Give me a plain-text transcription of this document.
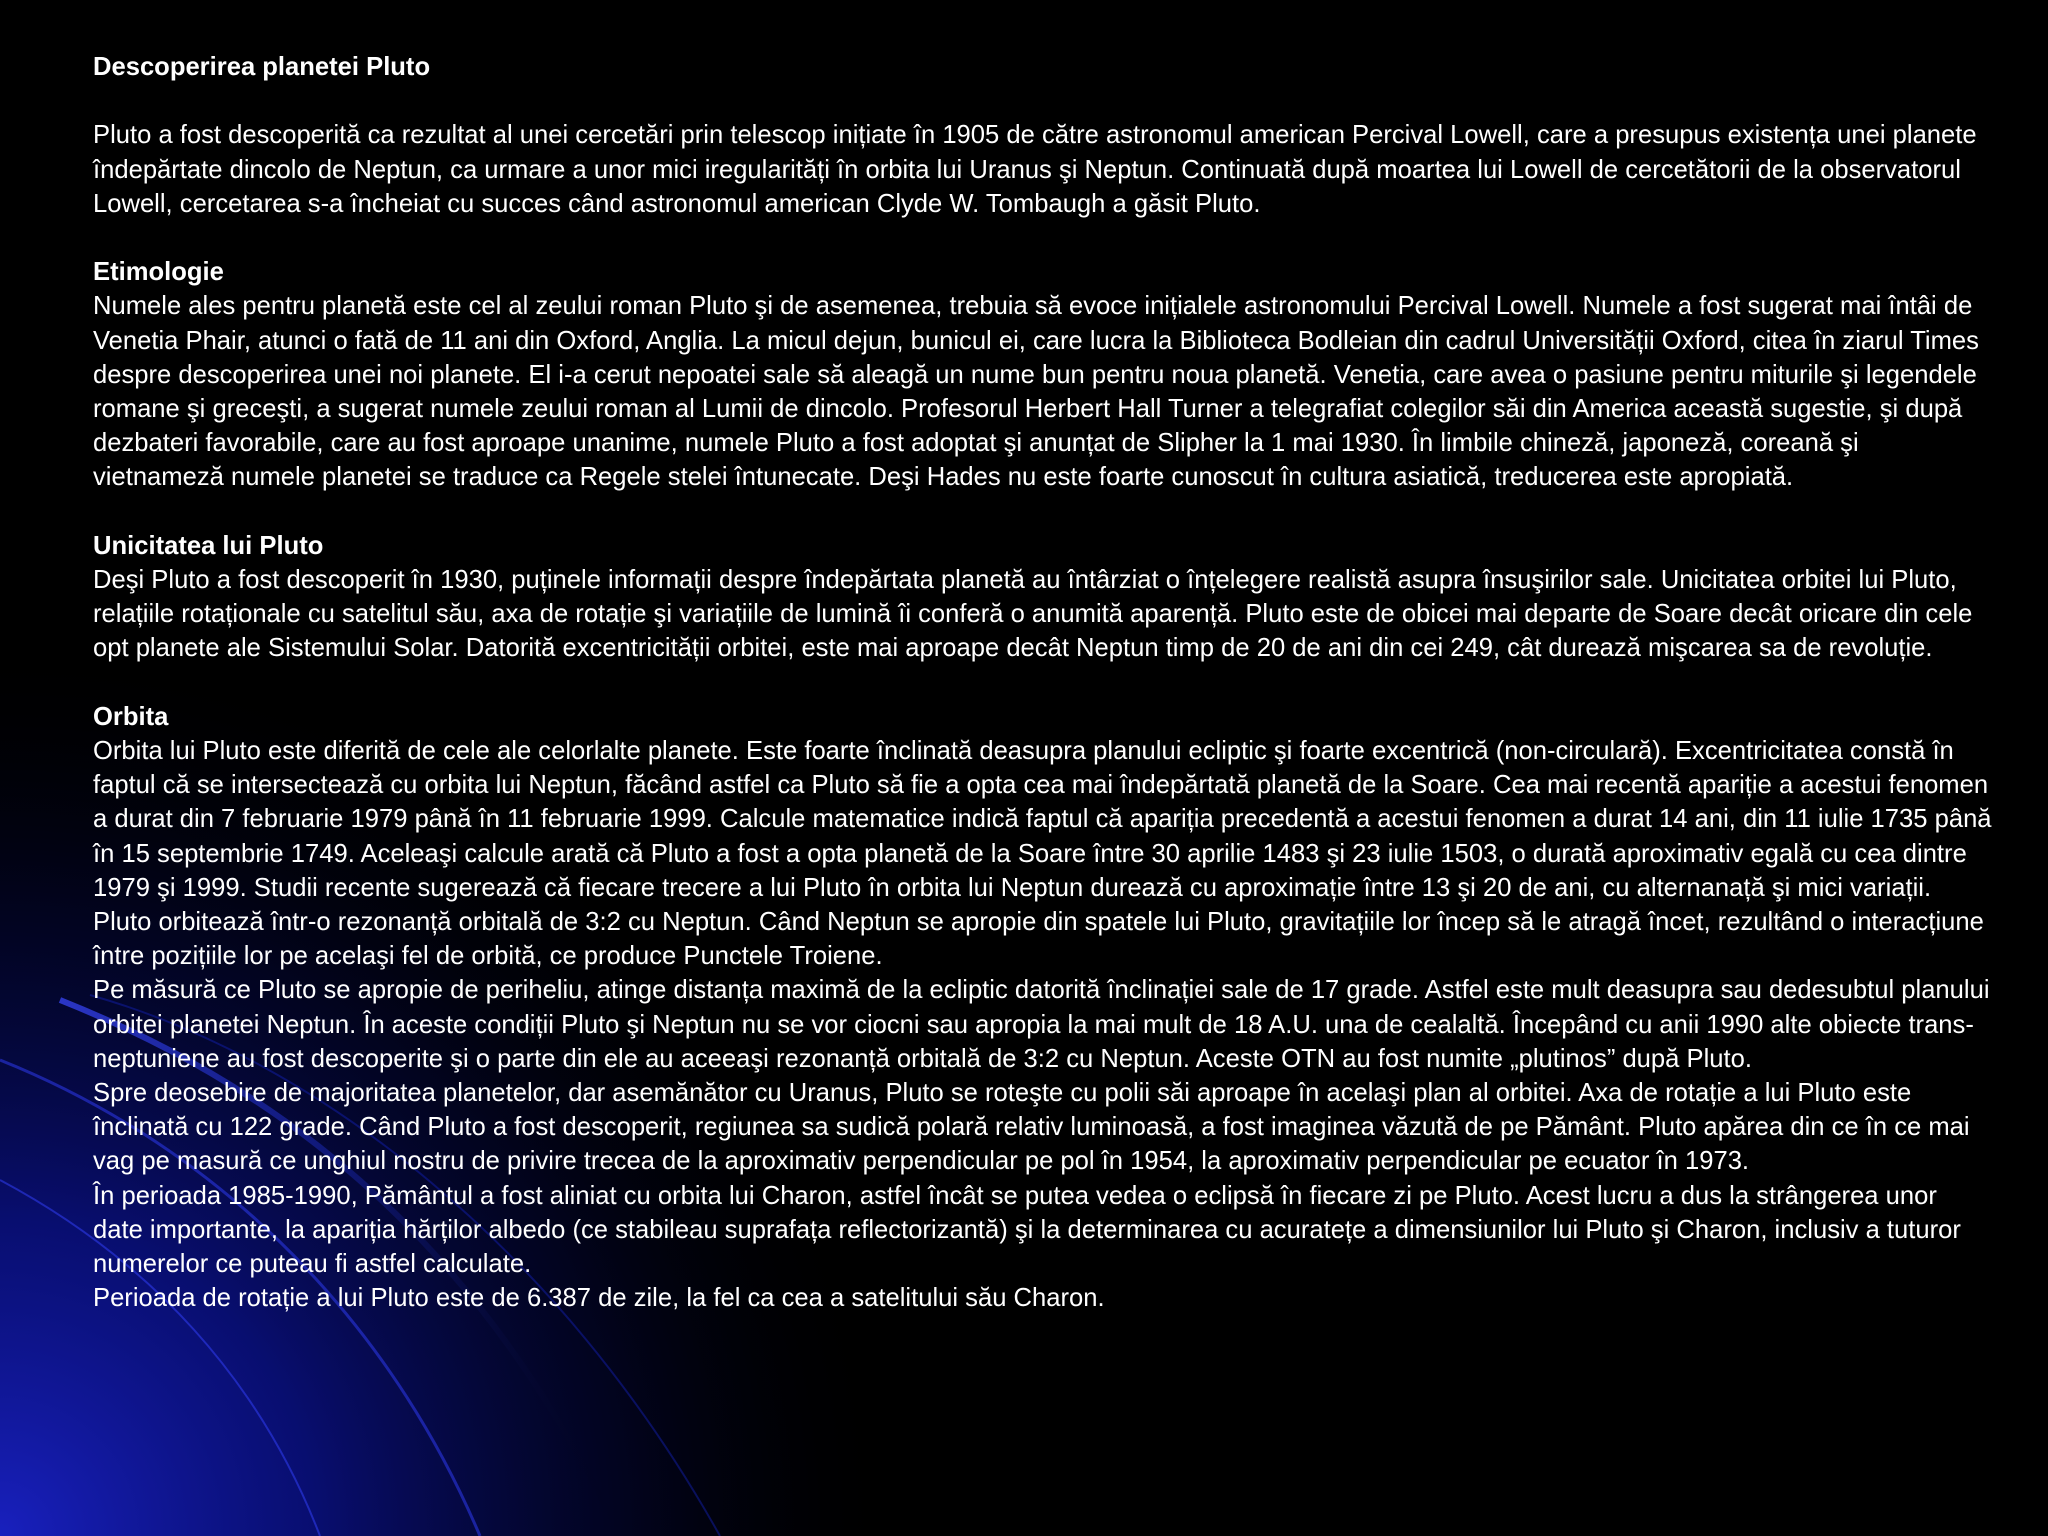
Descoperirea planetei Pluto

Pluto a fost descoperită ca rezultat al unei cercetări prin telescop inițiate în 1905 de către astronomul american Percival Lowell, care a presupus existența unei planete îndepărtate dincolo de Neptun, ca urmare a unor mici iregularități în orbita lui Uranus şi Neptun. Continuată după moartea lui Lowell de cercetătorii de la observatorul Lowell, cercetarea s-a încheiat cu succes când astronomul american Clyde W. Tombaugh a găsit Pluto.

Etimologie

Numele ales pentru planetă este cel al zeului roman Pluto şi de asemenea, trebuia să evoce inițialele astronomului Percival Lowell. Numele a fost sugerat mai întâi de Venetia Phair, atunci o fată de 11 ani din Oxford, Anglia. La micul dejun, bunicul ei, care lucra la Biblioteca Bodleian din cadrul Universității Oxford, citea în ziarul Times despre descoperirea unei noi planete. El i-a cerut nepoatei sale să aleagă un nume bun pentru noua planetă. Venetia, care avea o pasiune pentru miturile şi legendele romane şi greceşti, a sugerat numele zeului roman al Lumii de dincolo. Profesorul Herbert Hall Turner a telegrafiat colegilor săi din America această sugestie, şi după dezbateri favorabile, care au fost aproape unanime, numele Pluto a fost adoptat şi anunțat de Slipher la 1 mai 1930. În limbile chineză, japoneză, coreană şi vietnameză numele planetei se traduce ca Regele stelei întunecate. Deşi Hades nu este foarte cunoscut în cultura asiatică, treducerea este apropiată.

Unicitatea lui Pluto

Deşi Pluto a fost descoperit în 1930, puținele informații despre îndepărtata planetă au întârziat o înțelegere realistă asupra însuşirilor sale. Unicitatea orbitei lui Pluto, relațiile rotaționale cu satelitul său, axa de rotație şi variațiile de lumină îi conferă o anumită aparență. Pluto este de obicei mai departe de Soare decât oricare din cele opt planete ale Sistemului Solar. Datorită excentricității orbitei, este mai aproape decât Neptun timp de 20 de ani din cei 249, cât durează mişcarea sa de revoluție.

Orbita

Orbita lui Pluto este diferită de cele ale celorlalte planete. Este foarte înclinată deasupra planului ecliptic şi foarte excentrică (non-circulară). Excentricitatea constă în faptul că se intersectează cu orbita lui Neptun, făcând astfel ca Pluto să fie a opta cea mai îndepărtată planetă de la Soare. Cea mai recentă apariție a acestui fenomen a durat din 7 februarie 1979 până în 11 februarie 1999. Calcule matematice indică faptul că apariția precedentă a acestui fenomen a durat 14 ani, din 11 iulie 1735 până în 15 septembrie 1749. Aceleaşi calcule arată că Pluto a fost a opta planetă de la Soare între 30 aprilie 1483 şi 23 iulie 1503, o durată aproximativ egală cu cea dintre 1979 şi 1999. Studii recente sugerează că fiecare trecere a lui Pluto în orbita lui Neptun durează cu aproximație între 13 şi 20 de ani, cu alternanață şi mici variații. Pluto orbitează într-o rezonanță orbitală de 3:2 cu Neptun. Când Neptun se apropie din spatele lui Pluto, gravitațiile lor încep să le atragă încet, rezultând o interacțiune între pozițiile lor pe acelaşi fel de orbită, ce produce Punctele Troiene.

Pe măsură ce Pluto se apropie de periheliu, atinge distanța maximă de la ecliptic datorită înclinației sale de 17 grade. Astfel este mult deasupra sau dedesubtul planului orbitei planetei Neptun. În aceste condiții Pluto şi Neptun nu se vor ciocni sau apropia la mai mult de 18 A.U. una de cealaltă. Începând cu anii 1990 alte obiecte trans-neptuniene au fost descoperite şi o parte din ele au aceeaşi rezonanță orbitală de 3:2 cu Neptun. Aceste OTN au fost numite „plutinos” după Pluto.

Spre deosebire de majoritatea planetelor, dar asemănător cu Uranus, Pluto se roteşte cu polii săi aproape în acelaşi plan al orbitei. Axa de rotație a lui Pluto este înclinată cu 122 grade. Când Pluto a fost descoperit, regiunea sa sudică polară relativ luminoasă, a fost imaginea văzută de pe Pământ. Pluto apărea din ce în ce mai vag pe masură ce unghiul nostru de privire trecea de la aproximativ perpendicular pe pol în 1954, la aproximativ perpendicular pe ecuator în 1973.

În perioada 1985-1990, Pământul a fost aliniat cu orbita lui Charon, astfel încât se putea vedea o eclipsă în fiecare zi pe Pluto. Acest lucru a dus la strângerea unor date importante, la apariția hărților albedo (ce stabileau suprafața reflectorizantă) şi la determinarea cu acuratețe a dimensiunilor lui Pluto şi Charon, inclusiv a tuturor numerelor ce puteau fi astfel calculate.

Perioada de rotație a lui Pluto este de 6.387 de zile, la fel ca cea a satelitului său Charon.
